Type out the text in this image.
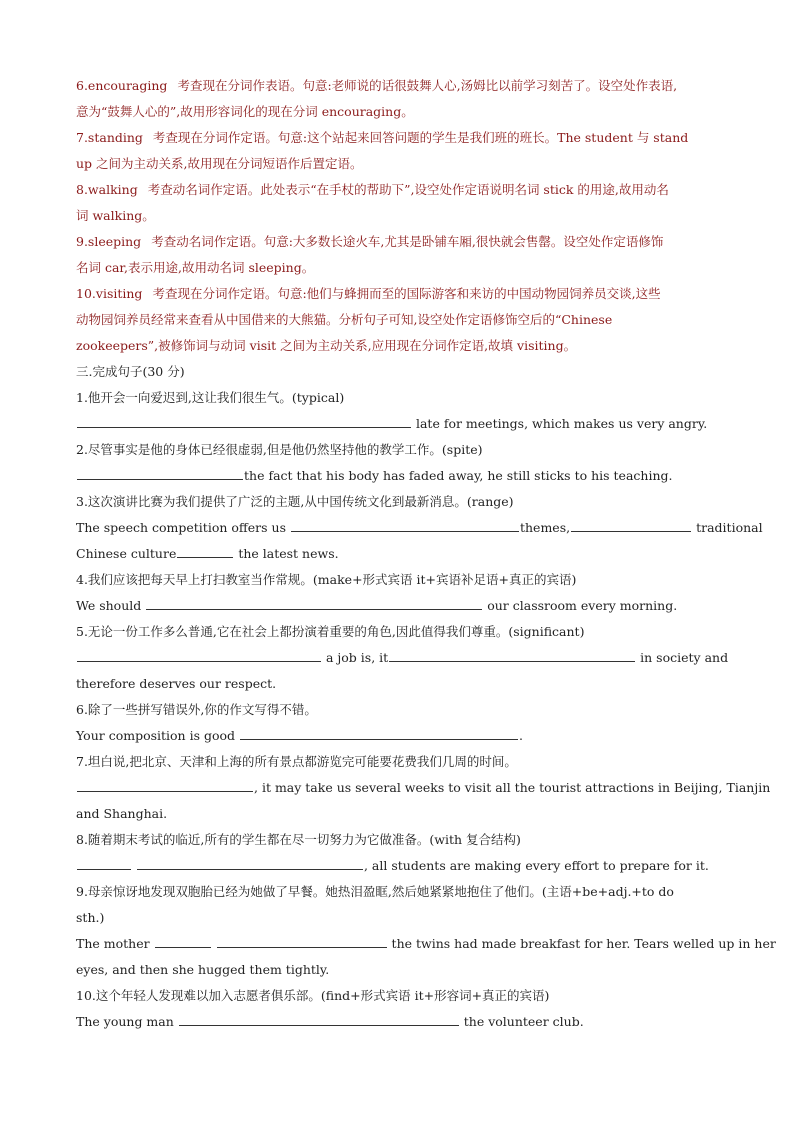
6.encouraging 考查现在分词作表语。句意:老师说的话很鼓舞人心,汤姆比以前学习刻苦了。设空处作表语,
意为“鼓舞人心的”,故用形容词化的现在分词 encouraging。
7.standing 考查现在分词作定语。句意:这个站起来回答问题的学生是我们班的班长。The student 与 stand
up 之间为主动关系,故用现在分词短语作后置定语。
8.walking 考查动名词作定语。此处表示“在手杖的帮助下”,设空处作定语说明名词 stick 的用途,故用动名
词 walking。
9.sleeping 考查动名词作定语。句意:大多数长途火车,尤其是卧铺车厢,很快就会售罄。设空处作定语修饰
名词 car,表示用途,故用动名词 sleeping。
10.visiting 考查现在分词作定语。句意:他们与蜂拥而至的国际游客和来访的中国动物园饲养员交谈,这些
动物园饲养员经常来查看从中国借来的大熊猫。分析句子可知,设空处作定语修饰空后的“Chinese
zookeepers”,被修饰词与动词 visit 之间为主动关系,应用现在分词作定语,故填 visiting。
三.完成句子(30 分)
1.他开会一向爱迟到,这让我们很生气。(typical)
late for meetings, which makes us very angry.
2.尽管事实是他的身体已经很虚弱,但是他仍然坚持他的教学工作。(spite)
the fact that his body has faded away, he still sticks to his teaching.
3.这次演讲比赛为我们提供了广泛的主题,从中国传统文化到最新消息。(range)
The speech competition offers us	themes,	traditional
Chinese culture	the latest news.
4.我们应该把每天早上打扫教室当作常规。(make+形式宾语 it+宾语补足语+真正的宾语)
We should	our classroom every morning.
5.无论一份工作多么普通,它在社会上都扮演着重要的角色,因此值得我们尊重。(significant)
a job is, it	in society and
therefore deserves our respect.
6.除了一些拼写错误外,你的作文写得不错。
Your composition is good	.
7.坦白说,把北京、天津和上海的所有景点都游览完可能要花费我们几周的时间。
, it may take us several weeks to visit all the tourist attractions in Beijing, Tianjin
and Shanghai.
8.随着期末考试的临近,所有的学生都在尽一切努力为它做准备。(with 复合结构)
, all students are making every effort to prepare for it.
9.母亲惊讶地发现双胞胎已经为她做了早餐。她热泪盈眶,然后她紧紧地抱住了他们。(主语+be+adj.+to do
sth.)
The mother	the twins had made breakfast for her. Tears welled up in her
eyes, and then she hugged them tightly.
10.这个年轻人发现难以加入志愿者俱乐部。(find+形式宾语 it+形容词+真正的宾语)
The young man	the volunteer club.
